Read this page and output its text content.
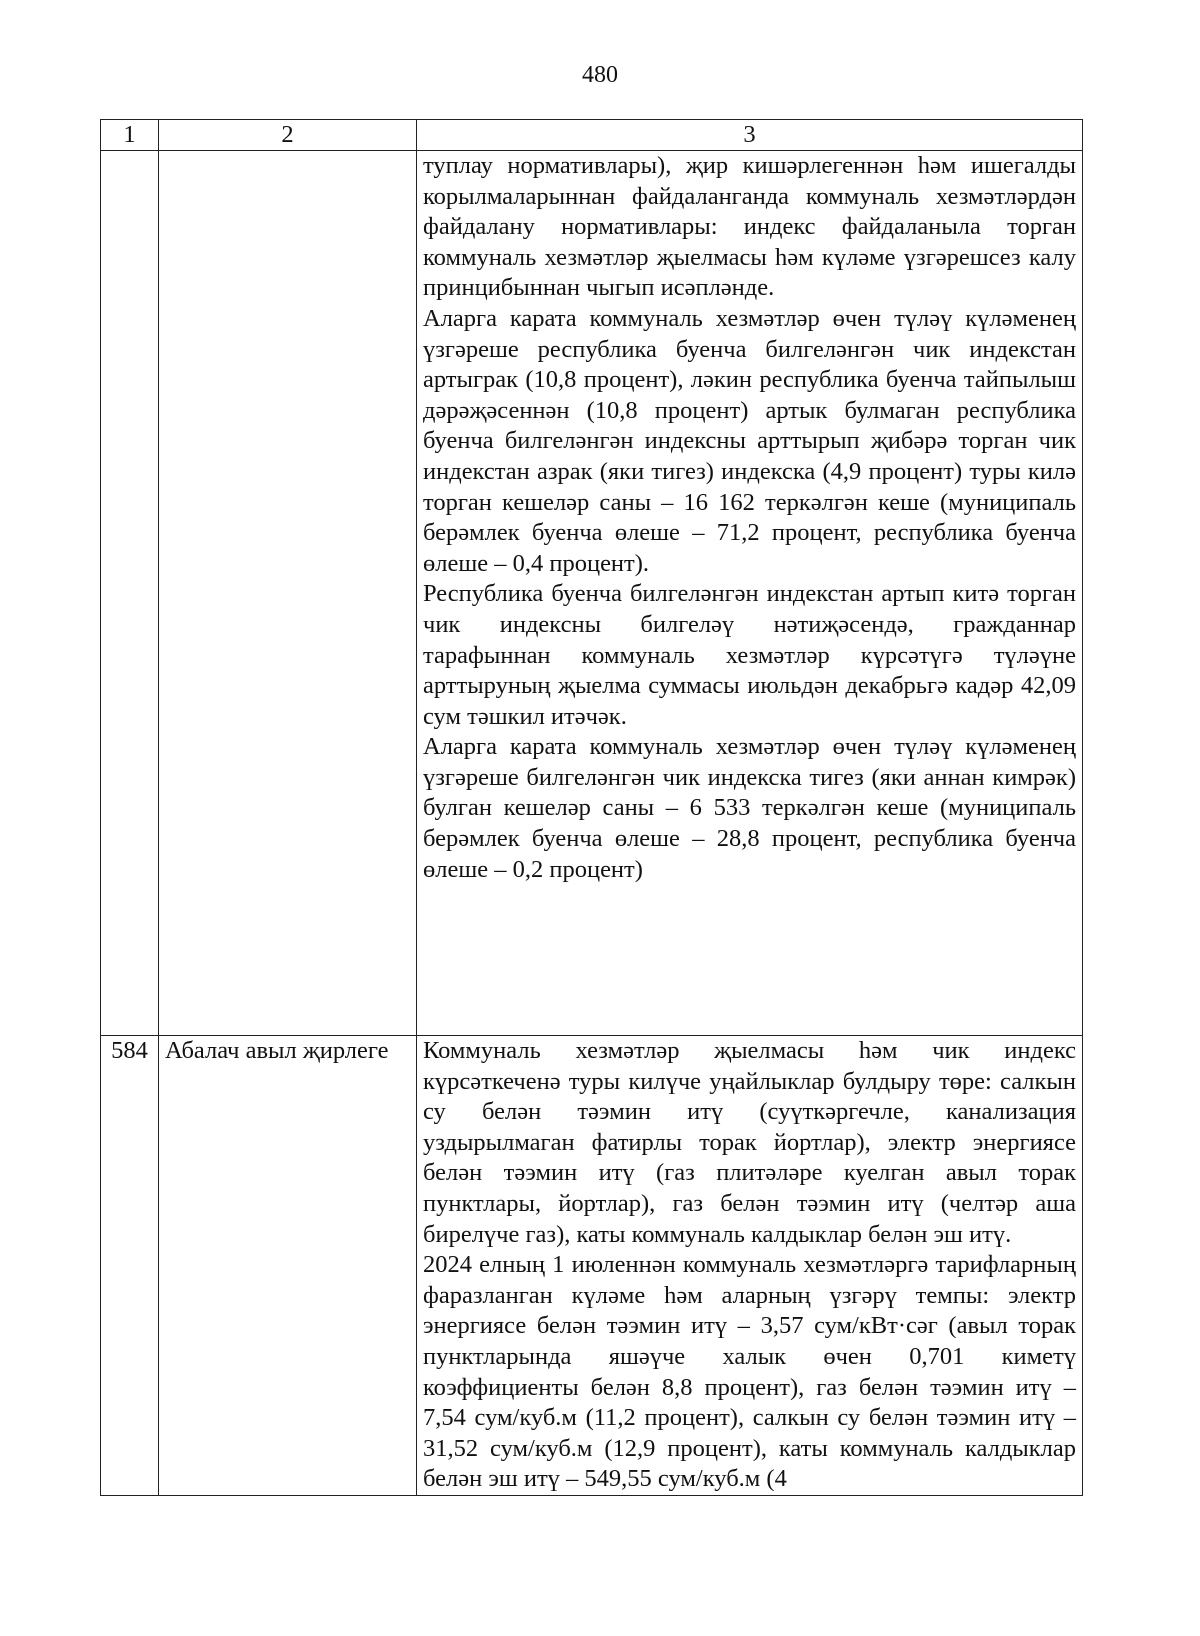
480
1	2	3

		туплау нормативлары), җир кишәрлегеннән һәм ишегалды корылмаларыннан файдаланганда коммуналь хезмәтләрдән файдалану нормативлары: индекс файдаланыла торган коммуналь хезмәтләр җыелмасы һәм күләме үзгәрешсез калу принцибыннан чыгып исәпләнде.

Аларга карата коммуналь хезмәтләр өчен түләү күләменең үзгәреше республика буенча билгеләнгән чик индекстан артыграк (10,8 процент), ләкин республика буенча тайпылыш дәрәҗәсеннән (10,8 процент) артык булмаган республика буенча билгеләнгән индексны арттырып җибәрә торган чик индекстан азрак (яки тигез) индекска (4,9 процент) туры килә торган кешеләр саны – 16 162 теркәлгән кеше (муниципаль берәмлек буенча өлеше – 71,2 процент, республика буенча өлеше – 0,4 процент).

Республика буенча билгеләнгән индекстан артып китә торган чик индексны билгеләү нәтиҗәсендә, гражданнар тарафыннан коммуналь хезмәтләр күрсәтүгә түләүне арттыруның җыелма суммасы июльдән декабрьгә кадәр 42,09 сум тәшкил итәчәк.

Аларга карата коммуналь хезмәтләр өчен түләү күләменең үзгәреше билгеләнгән чик индекска тигез (яки аннан кимрәк) булган кешеләр саны – 6 533 теркәлгән кеше (муниципаль берәмлек буенча өлеше – 28,8 процент, республика буенча өлеше – 0,2 процент)

584	Абалач авыл җирлеге	Коммуналь хезмәтләр җыелмасы һәм чик индекс күрсәткеченә туры килүче уңайлыклар булдыру төре: салкын су белән тәэмин итү (суүткәргечле, канализация уздырылмаган фатирлы торак йортлар), электр энергиясе белән тәэмин итү (газ плитәләре куелган авыл торак пунктлары, йортлар), газ белән тәэмин итү (челтәр аша бирелүче газ), каты коммуналь калдыклар белән эш итү.

2024 елның 1 июленнән коммуналь хезмәтләргә тарифларның фаразланган күләме һәм аларның үзгәрү темпы: электр энергиясе белән тәэмин итү – 3,57 сум/кВт·сәг (авыл торак пунктларында яшәүче халык өчен 0,701 киметү коэффициенты белән 8,8 процент), газ белән тәэмин итү – 7,54 сум/куб.м (11,2 процент), салкын су белән тәэмин итү – 31,52 сум/куб.м (12,9 процент), каты коммуналь калдыклар белән эш итү – 549,55 сум/куб.м (4
